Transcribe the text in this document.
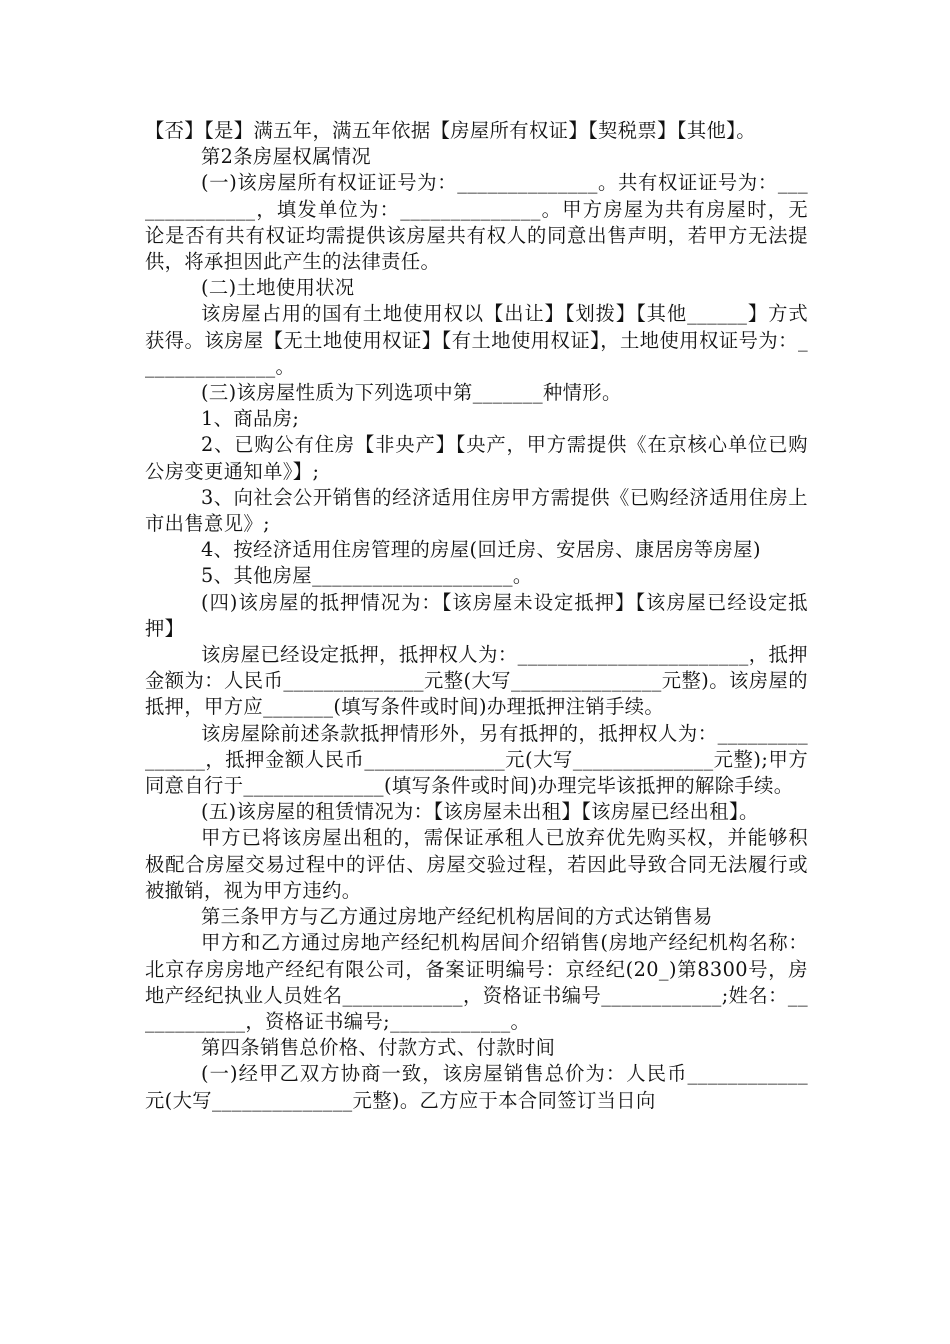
【否】【是】满五年，满五年依据【房屋所有权证】【契税票】【其他】。

第2条房屋权属情况

(一)该房屋所有权证证号为：______________。共有权证证号为：______________，填发单位为：______________。甲方房屋为共有房屋时，无论是否有共有权证均需提供该房屋共有权人的同意出售声明，若甲方无法提供，将承担因此产生的法律责任。

(二)土地使用状况

该房屋占用的国有土地使用权以【出让】【划拨】【其他______】方式获得。该房屋【无土地使用权证】【有土地使用权证】，土地使用权证号为：______________。

(三)该房屋性质为下列选项中第_______种情形。

1、商品房;

2、已购公有住房【非央产】【央产，甲方需提供《在京核心单位已购公房变更通知单》】;

3、向社会公开销售的经济适用住房甲方需提供《已购经济适用住房上市出售意见》;

4、按经济适用住房管理的房屋(回迁房、安居房、康居房等房屋)

5、其他房屋____________________。

(四)该房屋的抵押情况为：【该房屋未设定抵押】【该房屋已经设定抵押】

该房屋已经设定抵押，抵押权人为：_______________________，抵押金额为：人民币______________元整(大写_______________元整)。该房屋的抵押，甲方应_______(填写条件或时间)办理抵押注销手续。

该房屋除前述条款抵押情形外，另有抵押的，抵押权人为：_______________，抵押金额人民币______________元(大写______________元整);甲方同意自行于______________(填写条件或时间)办理完毕该抵押的解除手续。

(五)该房屋的租赁情况为：【该房屋未出租】【该房屋已经出租】。

甲方已将该房屋出租的，需保证承租人已放弃优先购买权，并能够积极配合房屋交易过程中的评估、房屋交验过程，若因此导致合同无法履行或被撤销，视为甲方违约。

第三条甲方与乙方通过房地产经纪机构居间的方式达销售易

甲方和乙方通过房地产经纪机构居间介绍销售(房地产经纪机构名称：北京存房房地产经纪有限公司，备案证明编号：京经纪(20_)第8300号，房地产经纪执业人员姓名____________，资格证书编号____________;姓名：____________，资格证书编号;____________。

第四条销售总价格、付款方式、付款时间

(一)经甲乙双方协商一致，该房屋销售总价为：人民币____________元(大写______________元整)。乙方应于本合同签订当日向
